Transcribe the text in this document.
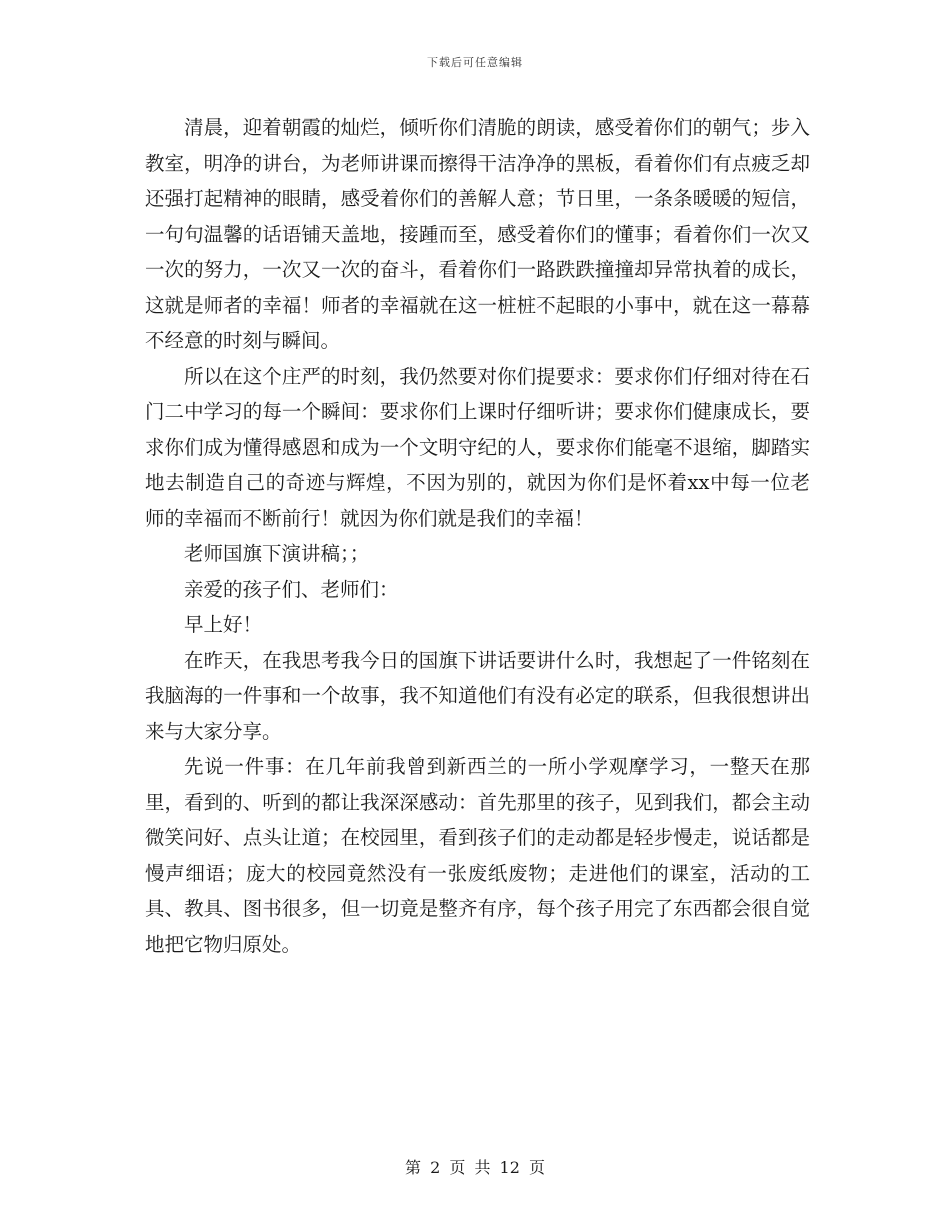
下载后可任意编辑

清晨，迎着朝霞的灿烂，倾听你们清脆的朗读，感受着你们的朝气；步入教室，明净的讲台，为老师讲课而擦得干洁净净的黑板，看着你们有点疲乏却还强打起精神的眼睛，感受着你们的善解人意；节日里，一条条暖暖的短信，一句句温馨的话语铺天盖地，接踵而至，感受着你们的懂事；看着你们一次又一次的努力，一次又一次的奋斗，看着你们一路跌跌撞撞却异常执着的成长，这就是师者的幸福！师者的幸福就在这一桩桩不起眼的小事中，就在这一幕幕不经意的时刻与瞬间。

所以在这个庄严的时刻，我仍然要对你们提要求：要求你们仔细对待在石门二中学习的每一个瞬间：要求你们上课时仔细听讲；要求你们健康成长，要求你们成为懂得感恩和成为一个文明守纪的人，要求你们能毫不退缩，脚踏实地去制造自己的奇迹与辉煌，不因为别的，就因为你们是怀着xx中每一位老师的幸福而不断前行！就因为你们就是我们的幸福！

老师国旗下演讲稿；；

亲爱的孩子们、老师们：

早上好！

在昨天，在我思考我今日的国旗下讲话要讲什么时，我想起了一件铭刻在我脑海的一件事和一个故事，我不知道他们有没有必定的联系，但我很想讲出来与大家分享。

先说一件事：在几年前我曾到新西兰的一所小学观摩学习，一整天在那里，看到的、听到的都让我深深感动：首先那里的孩子，见到我们，都会主动微笑问好、点头让道；在校园里，看到孩子们的走动都是轻步慢走，说话都是慢声细语；庞大的校园竟然没有一张废纸废物；走进他们的课室，活动的工具、教具、图书很多，但一切竟是整齐有序，每个孩子用完了东西都会很自觉地把它物归原处。

第 2 页 共 12 页
